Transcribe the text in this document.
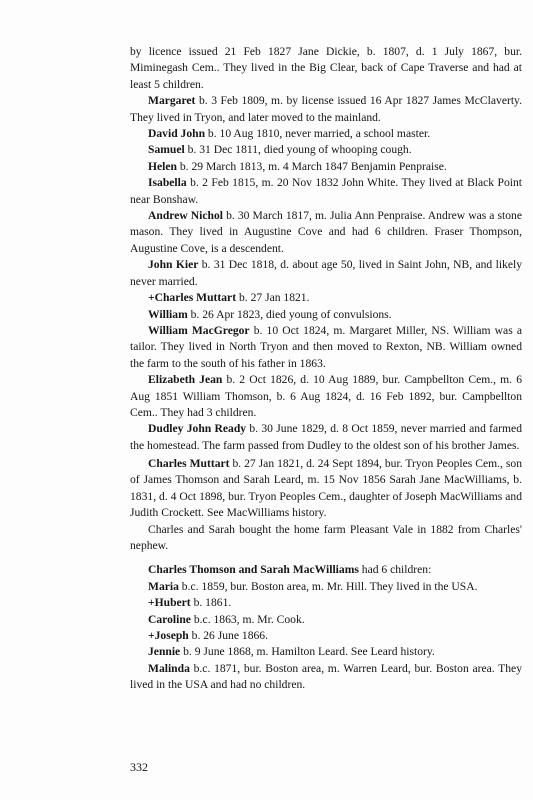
by licence issued 21 Feb 1827 Jane Dickie, b. 1807, d. 1 July 1867, bur. Miminegash Cem.. They lived in the Big Clear, back of Cape Traverse and had at least 5 children.

Margaret b. 3 Feb 1809, m. by license issued 16 Apr 1827 James McClaverty. They lived in Tryon, and later moved to the mainland.

David John b. 10 Aug 1810, never married, a school master.

Samuel b. 31 Dec 1811, died young of whooping cough.

Helen b. 29 March 1813, m. 4 March 1847 Benjamin Penpraise.

Isabella b. 2 Feb 1815, m. 20 Nov 1832 John White. They lived at Black Point near Bonshaw.

Andrew Nichol b. 30 March 1817, m. Julia Ann Penpraise. Andrew was a stone mason. They lived in Augustine Cove and had 6 children. Fraser Thompson, Augustine Cove, is a descendent.

John Kier b. 31 Dec 1818, d. about age 50, lived in Saint John, NB, and likely never married.

+Charles Muttart b. 27 Jan 1821.

William b. 26 Apr 1823, died young of convulsions.

William MacGregor b. 10 Oct 1824, m. Margaret Miller, NS. William was a tailor. They lived in North Tryon and then moved to Rexton, NB. William owned the farm to the south of his father in 1863.

Elizabeth Jean b. 2 Oct 1826, d. 10 Aug 1889, bur. Campbellton Cem., m. 6 Aug 1851 William Thomson, b. 6 Aug 1824, d. 16 Feb 1892, bur. Campbellton Cem.. They had 3 children.

Dudley John Ready b. 30 June 1829, d. 8 Oct 1859, never married and farmed the homestead. The farm passed from Dudley to the oldest son of his brother James.

Charles Muttart b. 27 Jan 1821, d. 24 Sept 1894, bur. Tryon Peoples Cem., son of James Thomson and Sarah Leard, m. 15 Nov 1856 Sarah Jane MacWilliams, b. 1831, d. 4 Oct 1898, bur. Tryon Peoples Cem., daughter of Joseph MacWilliams and Judith Crockett. See MacWilliams history.

Charles and Sarah bought the home farm Pleasant Vale in 1882 from Charles' nephew.

Charles Thomson and Sarah MacWilliams had 6 children:

Maria b.c. 1859, bur. Boston area, m. Mr. Hill. They lived in the USA.

+Hubert b. 1861.

Caroline b.c. 1863, m. Mr. Cook.

+Joseph b. 26 June 1866.

Jennie b. 9 June 1868, m. Hamilton Leard. See Leard history.

Malinda b.c. 1871, bur. Boston area, m. Warren Leard, bur. Boston area. They lived in the USA and had no children.

332
